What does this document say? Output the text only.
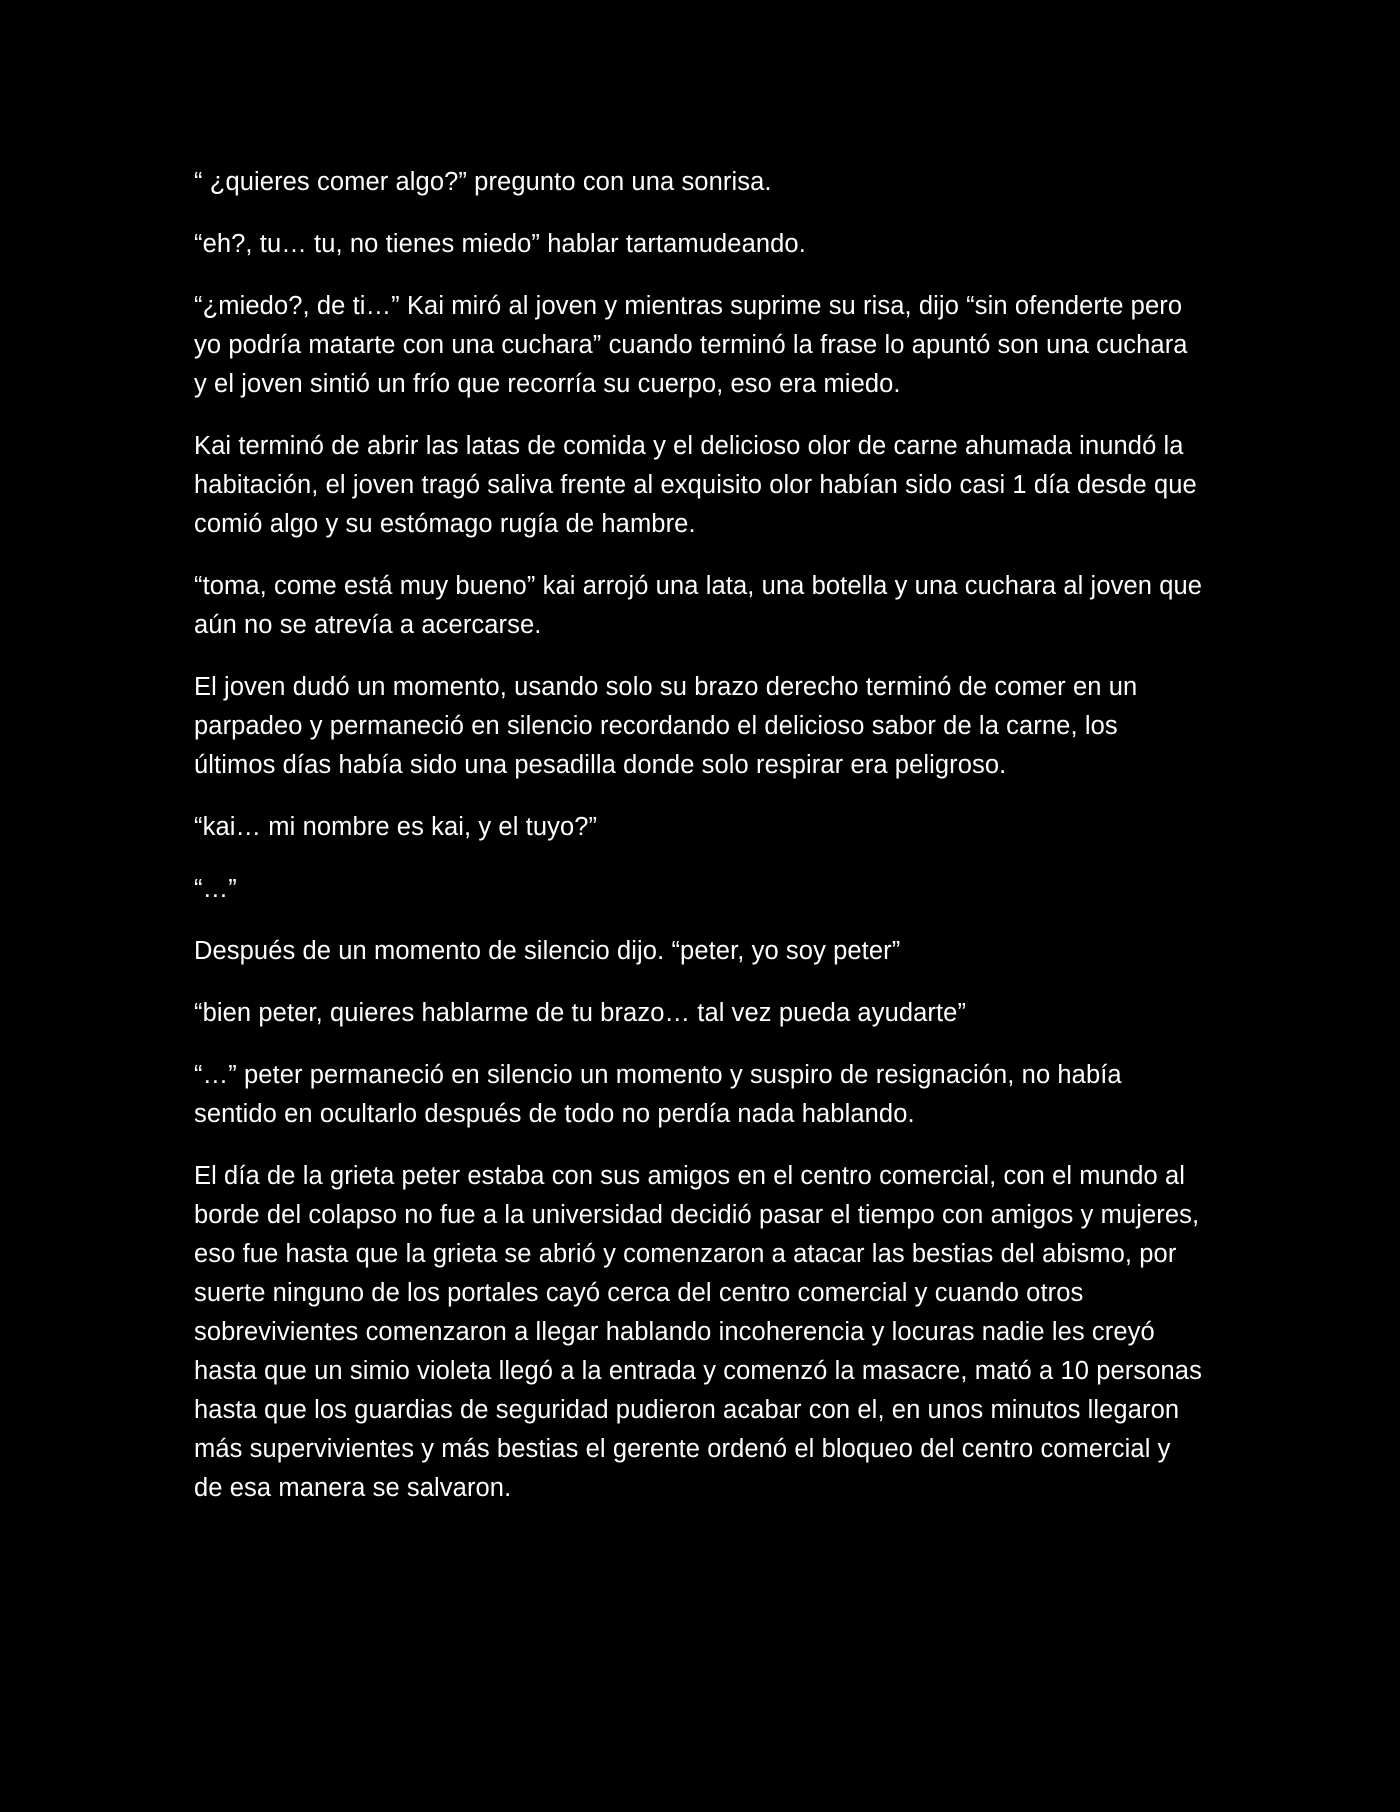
“ ¿quieres comer algo?” pregunto con una sonrisa.

“eh?, tu… tu, no tienes miedo” hablar tartamudeando.

“¿miedo?, de ti…” Kai miró al joven y mientras suprime su risa, dijo “sin ofenderte pero yo podría matarte con una cuchara” cuando terminó la frase lo apuntó son una cuchara y el joven sintió un frío que recorría su cuerpo, eso era miedo.

Kai terminó de abrir las latas de comida y el delicioso olor de carne ahumada inundó la habitación, el joven tragó saliva frente al exquisito olor habían sido casi 1 día desde que comió algo y su estómago rugía de hambre.

“toma, come está muy bueno” kai arrojó una lata, una botella y una cuchara al joven que aún no se atrevía a acercarse.

El joven dudó un momento, usando solo su brazo derecho terminó de comer en un parpadeo y permaneció en silencio recordando el delicioso sabor de la carne, los últimos días había sido una pesadilla donde solo respirar era peligroso.

“kai… mi nombre es kai, y el tuyo?”

“…”

Después de un momento de silencio dijo. “peter, yo soy peter”

“bien peter, quieres hablarme de tu brazo… tal vez pueda ayudarte”

“…” peter permaneció en silencio un momento y suspiro de resignación, no había sentido en ocultarlo después de todo no perdía nada hablando.

El día de la grieta peter estaba con sus amigos en el centro comercial, con el mundo al borde del colapso no fue a la universidad decidió pasar el tiempo con amigos y mujeres, eso fue hasta que la grieta se abrió y comenzaron a atacar las bestias del abismo, por suerte ninguno de los portales cayó cerca del centro comercial y cuando otros sobrevivientes comenzaron a llegar hablando incoherencia y locuras nadie les creyó hasta que un simio violeta llegó a la entrada y comenzó la masacre, mató a 10 personas hasta que los guardias de seguridad pudieron acabar con el, en unos minutos llegaron más supervivientes y más bestias el gerente ordenó el bloqueo del centro comercial y de esa manera se salvaron.
